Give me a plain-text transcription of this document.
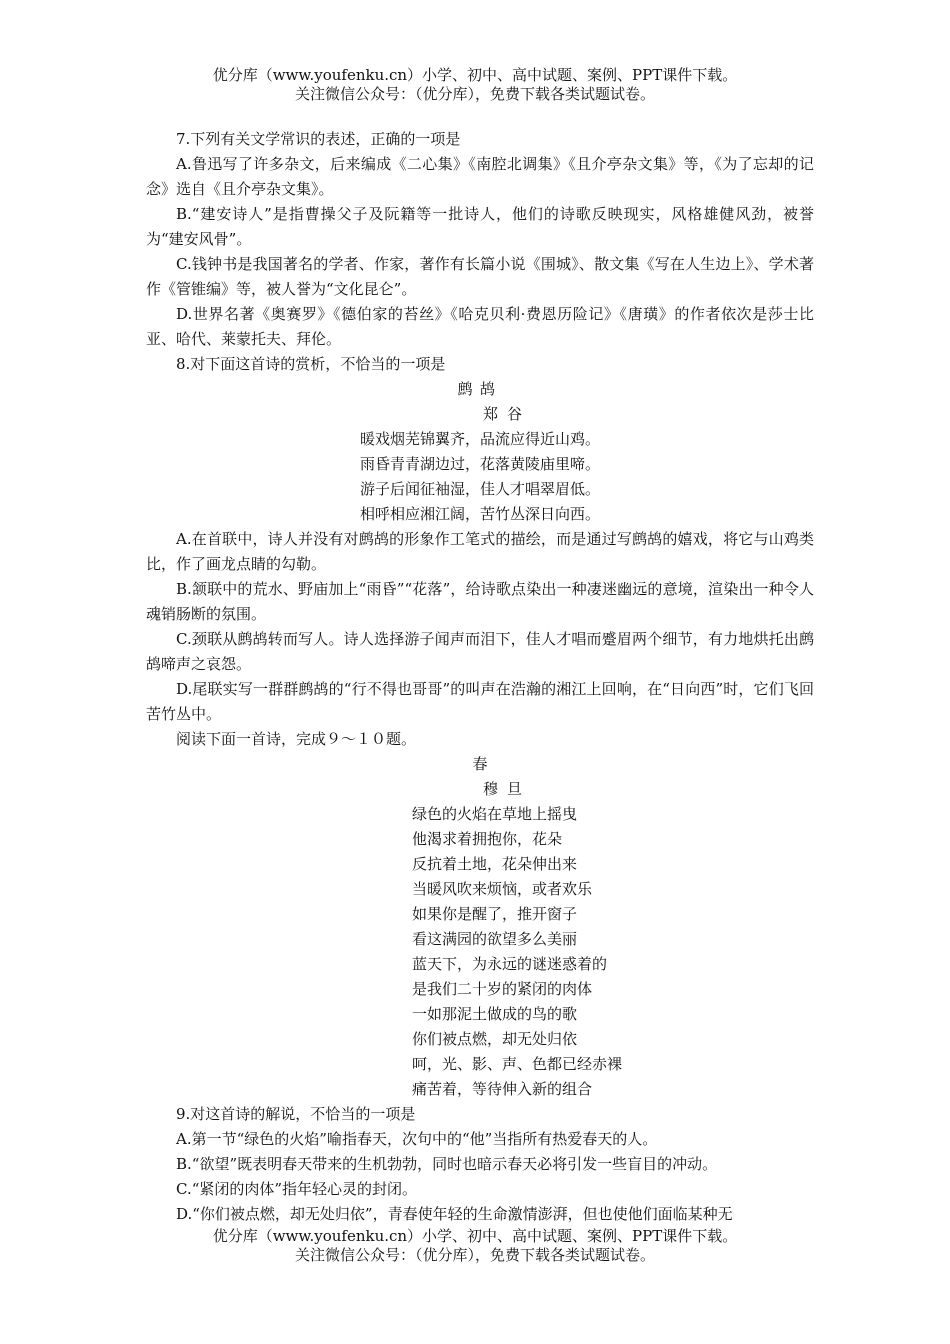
优分库（www.youfenku.cn）小学、初中、高中试题、案例、PPT课件下载。
关注微信公众号：（优分库），免费下载各类试题试卷。

7.下列有关文学常识的表述，正确的一项是

A.鲁迅写了许多杂文，后来编成《二心集》《南腔北调集》《且介亭杂文集》等，《为了忘却的记念》选自《且介亭杂文集》。

B.“建安诗人”是指曹操父子及阮籍等一批诗人，他们的诗歌反映现实，风格雄健风劲，被誉为“建安风骨”。

C.钱钟书是我国著名的学者、作家，著作有长篇小说《围城》、散文集《写在人生边上》、学术著作《管锥编》等，被人誉为“文化昆仑”。

D.世界名著《奥赛罗》《德伯家的苔丝》《哈克贝利·费恩历险记》《唐璜》的作者依次是莎士比亚、哈代、莱蒙托夫、拜伦。

8.对下面这首诗的赏析，不恰当的一项是

鹧鸪

郑谷

暖戏烟芜锦翼齐，品流应得近山鸡。
雨昏青青湖边过，花落黄陵庙里啼。
游子后闻征袖湿，佳人才唱翠眉低。
相呼相应湘江阔，苦竹丛深日向西。

A.在首联中，诗人并没有对鹧鸪的形象作工笔式的描绘，而是通过写鹧鸪的嬉戏，将它与山鸡类比，作了画龙点睛的勾勒。

B.颔联中的荒水、野庙加上“雨昏”“花落”，给诗歌点染出一种凄迷幽远的意境，渲染出一种令人魂销肠断的氛围。

C.颈联从鹧鸪转而写人。诗人选择游子闻声而泪下，佳人才唱而蹙眉两个细节，有力地烘托出鹧鸪啼声之哀怨。

D.尾联实写一群群鹧鸪的“行不得也哥哥”的叫声在浩瀚的湘江上回响，在“日向西”时，它们飞回苦竹丛中。

阅读下面一首诗，完成９～１０题。

春

穆旦

绿色的火焰在草地上摇曳
他渴求着拥抱你，花朵
反抗着土地，花朵伸出来
当暖风吹来烦恼，或者欢乐
如果你是醒了，推开窗子
看这满园的欲望多么美丽
蓝天下，为永远的谜迷惑着的
是我们二十岁的紧闭的肉体
一如那泥土做成的鸟的歌
你们被点燃，却无处归依
呵，光、影、声、色都已经赤裸
痛苦着，等待伸入新的组合

9.对这首诗的解说，不恰当的一项是

A.第一节“绿色的火焰”喻指春天，次句中的“他”当指所有热爱春天的人。

B.“欲望”既表明春天带来的生机勃勃，同时也暗示春天必将引发一些盲目的冲动。

C.“紧闭的肉体”指年轻心灵的封闭。

D.“你们被点燃，却无处归依”，青春使年轻的生命激情澎湃，但也使他们面临某种无

优分库（www.youfenku.cn）小学、初中、高中试题、案例、PPT课件下载。
关注微信公众号：（优分库），免费下载各类试题试卷。
